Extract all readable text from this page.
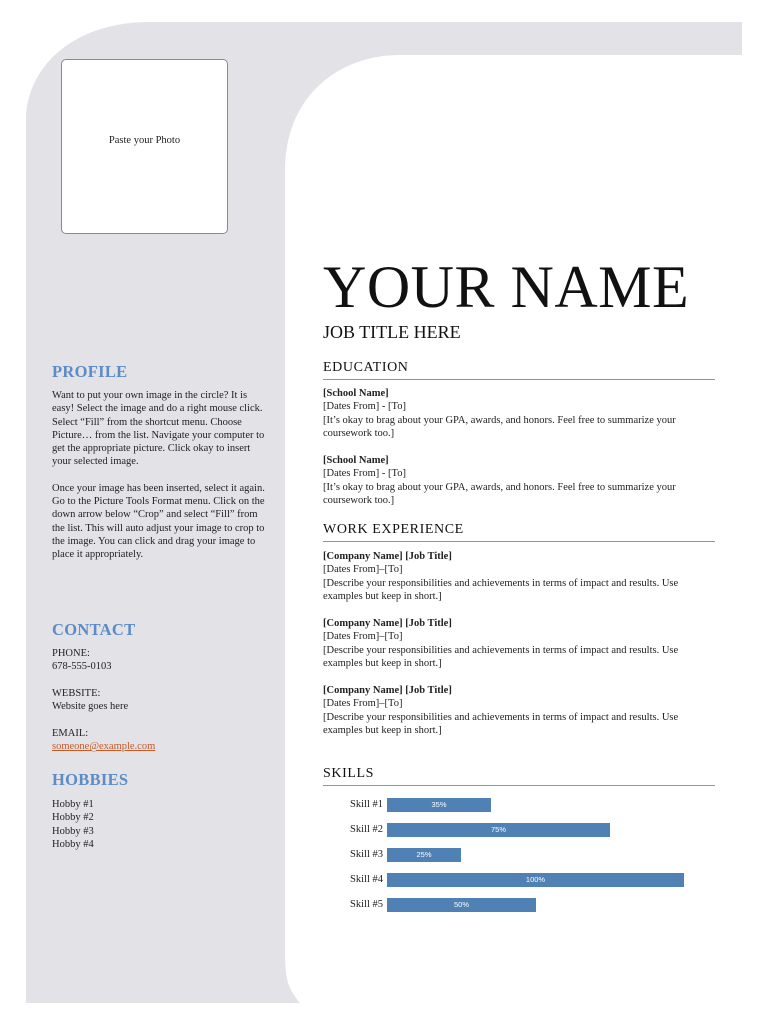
Paste your Photo
PROFILE

Want to put your own image in the circle? It is easy! Select the image and do a right mouse click. Select “Fill” from the shortcut menu. Choose Picture… from the list. Navigate your computer to get the appropriate picture. Click okay to insert your selected image.

Once your image has been inserted, select it again. Go to the Picture Tools Format menu. Click on the down arrow below “Crop” and select “Fill” from the list. This will auto adjust your image to crop to the image. You can click and drag your image to place it appropriately.

CONTACT
PHONE:
678-555-0103
WEBSITE:
Website goes here
EMAIL:
someone@example.com
HOBBIES
Hobby #1
Hobby #2
Hobby #3
Hobby #4
YOUR NAME
JOB TITLE HERE
EDUCATION
[School Name]
[Dates From] - [To]
[It’s okay to brag about your GPA, awards, and honors. Feel free to summarize your coursework too.]
[School Name]
[Dates From] - [To]
[It’s okay to brag about your GPA, awards, and honors. Feel free to summarize your coursework too.]
WORK EXPERIENCE
[Company Name] [Job Title]
[Dates From]–[To]
[Describe your responsibilities and achievements in terms of impact and results. Use examples but keep in short.]
[Company Name] [Job Title]
[Dates From]–[To]
[Describe your responsibilities and achievements in terms of impact and results. Use examples but keep in short.]
[Company Name] [Job Title]
[Dates From]–[To]
[Describe your responsibilities and achievements in terms of impact and results. Use examples but keep in short.]
SKILLS
Skill #1	35%
Skill #2	75%
Skill #3	25%
Skill #4	100%
Skill #5	50%
